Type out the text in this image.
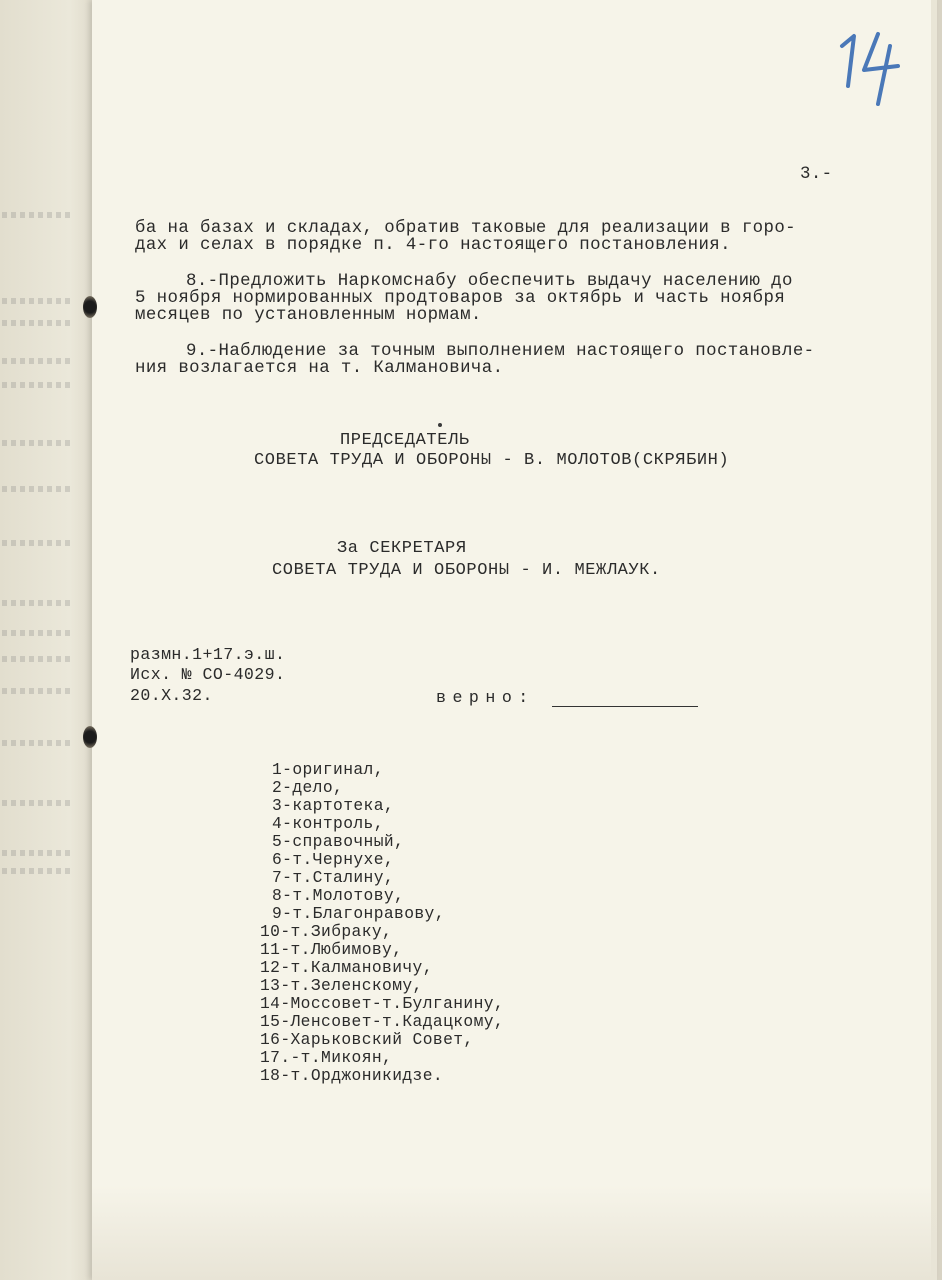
3.-
ба на базах и складах, обратив таковые для реализации в горо-
дах и селах в порядке п. 4-го настоящего постановления.
8.-Предложить Наркомснабу обеспечить выдачу населению до
5 ноября нормированных продтоваров за октябрь и часть ноября
месяцев по установленным нормам.
9.-Наблюдение за точным выполнением настоящего постановле-
ния возлагается на т. Калмановича.
ПРЕДСЕДАТЕЛЬ
СОВЕТА ТРУДА И ОБОРОНЫ - В. МОЛОТОВ(СКРЯБИН)
За СЕКРЕТАРЯ
СОВЕТА ТРУДА И ОБОРОНЫ - И. МЕЖЛАУК.
размн.1+17.э.ш.
Исх. № СО-4029.
20.X.32.	верно:
1-оригинал,
2-дело,
3-картотека,
4-контроль,
5-справочный,
6-т.Чернухе,
7-т.Сталину,
8-т.Молотову,
9-т.Благонравову,
10-т.Зибраку,
11-т.Любимову,
12-т.Калмановичу,
13-т.Зеленскому,
14-Моссовет-т.Булганину,
15-Ленсовет-т.Кадацкому,
16-Харьковский Совет,
17.-т.Микоян,
18-т.Орджоникидзе.
